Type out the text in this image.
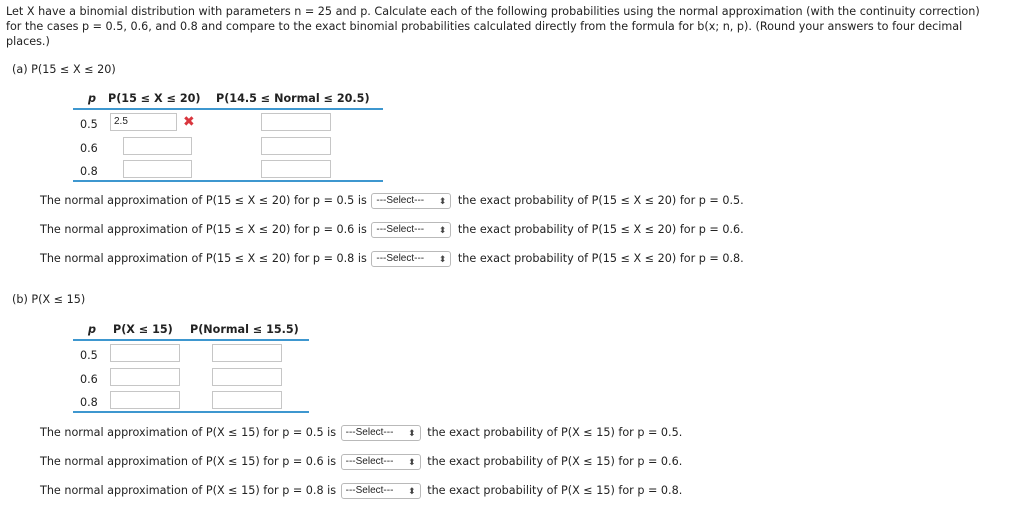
Let X have a binomial distribution with parameters n = 25 and p. Calculate each of the following probabilities using the normal approximation (with the continuity correction)
for the cases p = 0.5, 0.6, and 0.8 and compare to the exact binomial probabilities calculated directly from the formula for b(x; n, p). (Round your answers to four decimal
places.)
(a) P(15 ≤ X ≤ 20)
p P(15 ≤ X ≤ 20) P(14.5 ≤ Normal ≤ 20.5)
0.5	2.5	✖
0.6
0.8
The normal approximation of P(15 ≤ X ≤ 20) for p = 0.5 is ---Select--- ⬍ the exact probability of P(15 ≤ X ≤ 20) for p = 0.5.
The normal approximation of P(15 ≤ X ≤ 20) for p = 0.6 is ---Select--- ⬍ the exact probability of P(15 ≤ X ≤ 20) for p = 0.6.
The normal approximation of P(15 ≤ X ≤ 20) for p = 0.8 is ---Select--- ⬍ the exact probability of P(15 ≤ X ≤ 20) for p = 0.8.
(b) P(X ≤ 15)
p P(X ≤ 15) P(Normal ≤ 15.5)
0.5
0.6
0.8
The normal approximation of P(X ≤ 15) for p = 0.5 is ---Select--- ⬍ the exact probability of P(X ≤ 15) for p = 0.5.
The normal approximation of P(X ≤ 15) for p = 0.6 is ---Select--- ⬍ the exact probability of P(X ≤ 15) for p = 0.6.
The normal approximation of P(X ≤ 15) for p = 0.8 is ---Select--- ⬍ the exact probability of P(X ≤ 15) for p = 0.8.
